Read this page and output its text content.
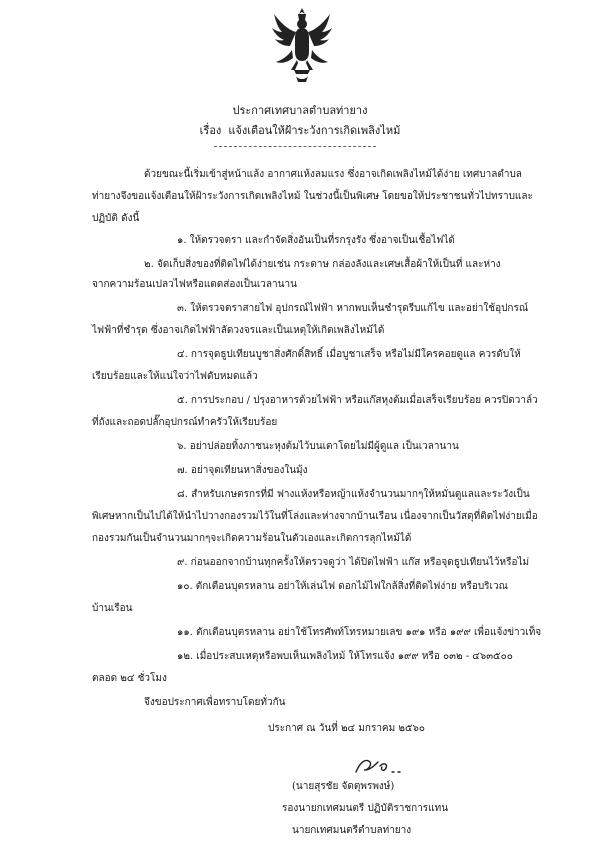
ประกาศเทศบาลตำบลท่ายาง
เรื่อง แจ้งเตือนให้ฝ้าระวังการเกิดเพลิงไหม้
ด้วยขณะนี้เริ่มเข้าสู่หน้าแล้ง อากาศแห้งลมแรง ซึ่งอาจเกิดเพลิงไหม้ได้ง่าย เทศบาลตำบล
ท่ายางจึงขอแจ้งเตือนให้ฝ้าระวังการเกิดเพลิงไหม้ ในช่วงนี้เป็นพิเศษ โดยขอให้ประชาชนทั่วไปทราบและ
ปฏิบัติ ดังนี้
๑. ให้ตรวจตรา และกำจัดสิ่งอันเป็นที่รกรุงรัง ซึ่งอาจเป็นเชื้อไฟได้
๒. จัดเก็บสิ่งของที่ติดไฟได้ง่ายเช่น กระดาษ กล่องลังและเศษเสื้อผ้าให้เป็นที่ และห่าง
จากความร้อนเปลวไฟหรือแดดส่องเป็นเวลานาน
๓. ให้ตรวจตราสายไฟ อุปกรณ์ไฟฟ้า หากพบเห็นชำรุดรีบแก้ไข และอย่าใช้อุปกรณ์
ไฟฟ้าที่ชำรุด ซึ่งอาจเกิดไฟฟ้าลัดวงจรและเป็นเหตุให้เกิดเพลิงไหม้ได้
๔. การจุดธูปเทียนบูชาสิ่งศักดิ์สิทธิ์ เมื่อบูชาเสร็จ หรือไม่มีใครคอยดูแล ควรดับให้
เรียบร้อยและให้แน่ใจว่าไฟดับหมดแล้ว
๕. การประกอบ / ปรุงอาหารด้วยไฟฟ้า หรือแก๊สหุงต้มเมื่อเสร็จเรียบร้อย ควรปิดวาล์ว
ที่ถังและถอดปลั๊กอุปกรณ์ทำครัวให้เรียบร้อย
๖. อย่าปล่อยทิ้งภาชนะหุงต้มไว้บนเตาโดยไม่มีผู้ดูแล เป็นเวลานาน
๗. อย่าจุดเทียนหาสิ่งของในมุ้ง
๘. สำหรับเกษตรกรที่มี ฟางแห้งหรือหญ้าแห้งจำนวนมากๆให้หมั่นดูแลและระวังเป็น
พิเศษหากเป็นไปได้ให้นำไปวางกองรวมไว้ในที่โล่งและห่างจากบ้านเรือน เนื่องจากเป็นวัสดุที่ติดไฟง่ายเมื่อ
กองรวมกันเป็นจำนวนมากๆจะเกิดความร้อนในตัวเองและเกิดการลุกไหม้ได้
๙. ก่อนออกจากบ้านทุกครั้งให้ตรวจดูว่า ได้ปิดไฟฟ้า แก๊ส หรือจุดธูปเทียนไว้หรือไม่
๑๐. ตักเตือนบุตรหลาน อย่าให้เล่นไฟ ดอกไม้ไฟใกล้สิ่งที่ติดไฟง่าย หรือบริเวณ
บ้านเรือน
๑๑. ตักเตือนบุตรหลาน อย่าใช้โทรศัพท์โทรหมายเลข ๑๙๑ หรือ ๑๙๙ เพื่อแจ้งข่าวเท็จ
๑๒. เมื่อประสบเหตุหรือพบเห็นเพลิงไหม้ ให้โทรแจ้ง ๑๙๙ หรือ ๐๓๒ - ๔๖๓๕๐๐
ตลอด ๒๔ ชั่วโมง
จึงขอประกาศเพื่อทราบโดยทั่วกัน
ประกาศ ณ วันที่ ๒๔ มกราคม ๒๕๖๐
(นายสุรชัย จัดตุพรพงษ์)
รองนายกเทศมนตรี ปฏิบัติราชการแทน
นายกเทศมนตรีตำบลท่ายาง
